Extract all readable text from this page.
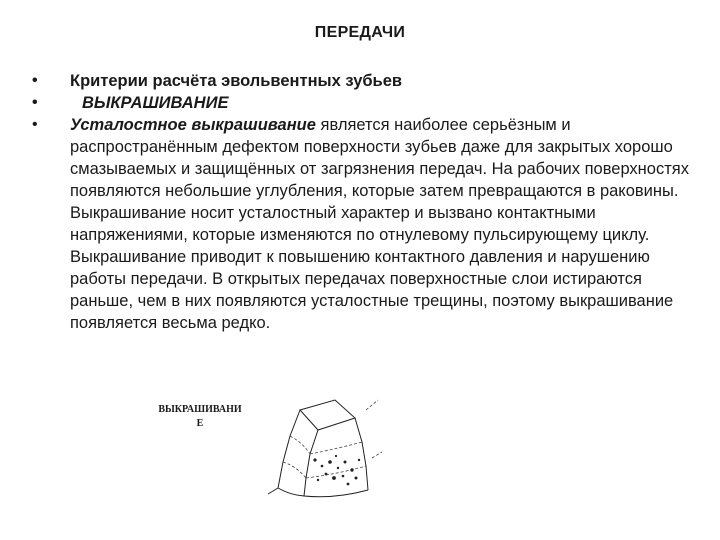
ПЕРЕДАЧИ
• Критерии расчёта эвольвентных зубьев
•	ВЫКРАШИВАНИЕ
• Усталостное выкрашивание является наиболее серьёзным и распространённым дефектом поверхности зубьев даже для закрытых хорошо смазываемых и защищённых от загрязнения передач. На рабочих поверхностях появляются небольшие углубления, которые затем превращаются в раковины. Выкрашивание носит усталостный характер и вызвано контактными напряжениями, которые изменяются по отнулевому пульсирующему циклу. Выкрашивание приводит к повышению контактного давления и нарушению работы передачи. В открытых передачах поверхностные слои истираются раньше, чем в них появляются усталостные трещины, поэтому выкрашивание появляется весьма редко.
ВЫКРАШИВАНИ
Е
